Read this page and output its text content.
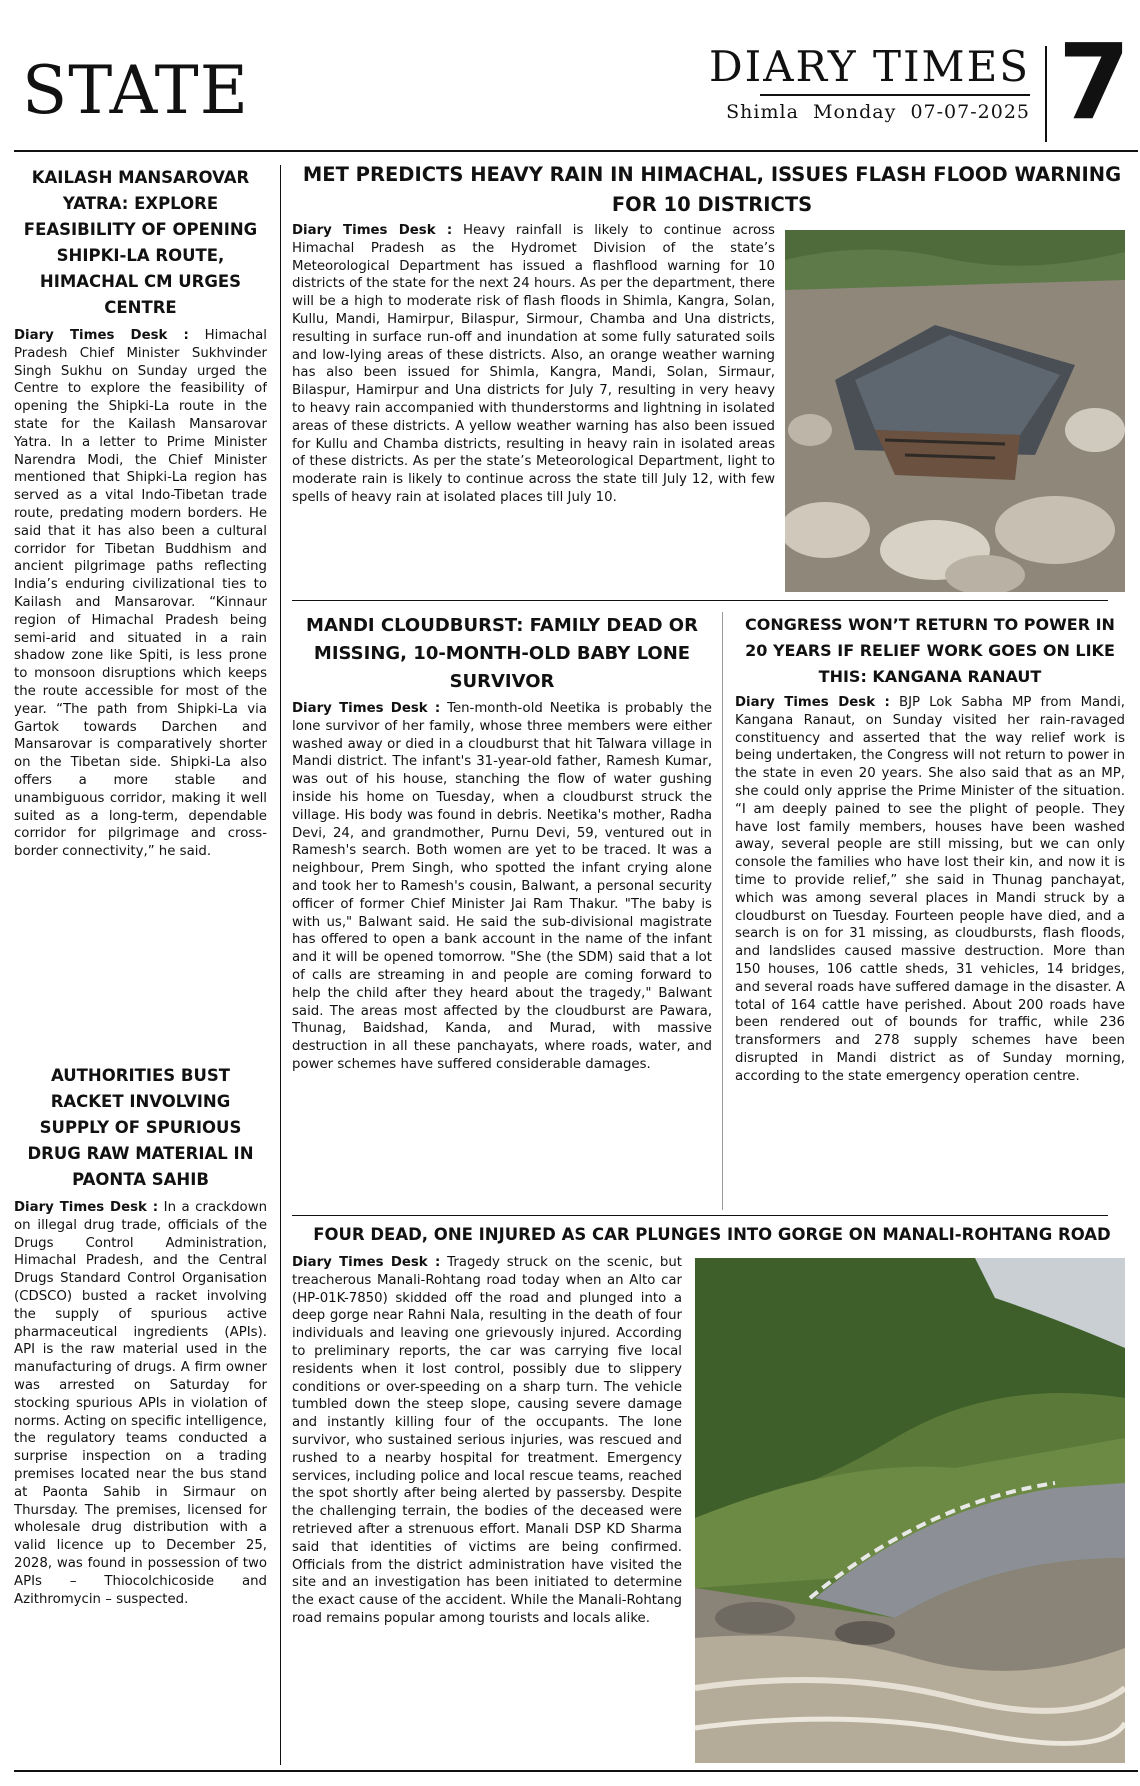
STATE	DIARY TIMES
Shimla Monday 07-07-2025 7
KAILASH MANSAROVAR YATRA: EXPLORE FEASIBILITY OF OPENING SHIPKI-LA ROUTE, HIMACHAL CM URGES CENTRE

Diary Times Desk : Himachal Pradesh Chief Minister Sukhvinder Singh Sukhu on Sunday urged the Centre to explore the feasibility of opening the Shipki-La route in the state for the Kailash Mansarovar Yatra. In a letter to Prime Minister Narendra Modi, the Chief Minister mentioned that Shipki-La region has served as a vital Indo-Tibetan trade route, predating modern borders. He said that it has also been a cultural corridor for Tibetan Buddhism and ancient pilgrimage paths reflecting India’s enduring civilizational ties to Kailash and Mansarovar. “Kinnaur region of Himachal Pradesh being semi-arid and situated in a rain shadow zone like Spiti, is less prone to monsoon disruptions which keeps the route accessible for most of the year. “The path from Shipki-La via Gartok towards Darchen and Mansarovar is comparatively shorter on the Tibetan side. Shipki-La also offers a more stable and unambiguous corridor, making it well suited as a long-term, dependable corridor for pilgrimage and cross-border connectivity,” he said.

AUTHORITIES BUST RACKET INVOLVING SUPPLY OF SPURIOUS DRUG RAW MATERIAL IN PAONTA SAHIB

Diary Times Desk : In a crackdown on illegal drug trade, officials of the Drugs Control Administration, Himachal Pradesh, and the Central Drugs Standard Control Organisation (CDSCO) busted a racket involving the supply of spurious active pharmaceutical ingredients (APIs). API is the raw material used in the manufacturing of drugs. A firm owner was arrested on Saturday for stocking spurious APIs in violation of norms. Acting on specific intelligence, the regulatory teams conducted a surprise inspection on a trading premises located near the bus stand at Paonta Sahib in Sirmaur on Thursday. The premises, licensed for wholesale drug distribution with a valid licence up to December 25, 2028, was found in possession of two APIs – Thiocolchicoside and Azithromycin – suspected.

MET PREDICTS HEAVY RAIN IN HIMACHAL, ISSUES FLASH FLOOD WARNING FOR 10 DISTRICTS

Diary Times Desk : Heavy rainfall is likely to continue across Himachal Pradesh as the Hydromet Division of the state’s Meteorological Department has issued a flashflood warning for 10 districts of the state for the next 24 hours. As per the department, there will be a high to moderate risk of flash floods in Shimla, Kangra, Solan, Kullu, Mandi, Hamirpur, Bilaspur, Sirmour, Chamba and Una districts, resulting in surface run-off and inundation at some fully saturated soils and low-lying areas of these districts. Also, an orange weather warning has also been issued for Shimla, Kangra, Mandi, Solan, Sirmaur, Bilaspur, Hamirpur and Una districts for July 7, resulting in very heavy to heavy rain accompanied with thunderstorms and lightning in isolated areas of these districts. A yellow weather warning has also been issued for Kullu and Chamba districts, resulting in heavy rain in isolated areas of these districts. As per the state’s Meteorological Department, light to moderate rain is likely to continue across the state till July 12, with few spells of heavy rain at isolated places till July 10.

MANDI CLOUDBURST: FAMILY DEAD OR MISSING, 10-MONTH-OLD BABY LONE SURVIVOR

Diary Times Desk : Ten-month-old Neetika is probably the lone survivor of her family, whose three members were either washed away or died in a cloudburst that hit Talwara village in Mandi district. The infant's 31-year-old father, Ramesh Kumar, was out of his house, stanching the flow of water gushing inside his home on Tuesday, when a cloudburst struck the village. His body was found in debris. Neetika's mother, Radha Devi, 24, and grandmother, Purnu Devi, 59, ventured out in Ramesh's search. Both women are yet to be traced. It was a neighbour, Prem Singh, who spotted the infant crying alone and took her to Ramesh's cousin, Balwant, a personal security officer of former Chief Minister Jai Ram Thakur. "The baby is with us," Balwant said. He said the sub-divisional magistrate has offered to open a bank account in the name of the infant and it will be opened tomorrow. "She (the SDM) said that a lot of calls are streaming in and people are coming forward to help the child after they heard about the tragedy," Balwant said. The areas most affected by the cloudburst are Pawara, Thunag, Baidshad, Kanda, and Murad, with massive destruction in all these panchayats, where roads, water, and power schemes have suffered considerable damages.

CONGRESS WON’T RETURN TO POWER IN 20 YEARS IF RELIEF WORK GOES ON LIKE THIS: KANGANA RANAUT

Diary Times Desk : BJP Lok Sabha MP from Mandi, Kangana Ranaut, on Sunday visited her rain-ravaged constituency and asserted that the way relief work is being undertaken, the Congress will not return to power in the state in even 20 years. She also said that as an MP, she could only apprise the Prime Minister of the situation. “I am deeply pained to see the plight of people. They have lost family members, houses have been washed away, several people are still missing, but we can only console the families who have lost their kin, and now it is time to provide relief,” she said in Thunag panchayat, which was among several places in Mandi struck by a cloudburst on Tuesday. Fourteen people have died, and a search is on for 31 missing, as cloudbursts, flash floods, and landslides caused massive destruction. More than 150 houses, 106 cattle sheds, 31 vehicles, 14 bridges, and several roads have suffered damage in the disaster. A total of 164 cattle have perished. About 200 roads have been rendered out of bounds for traffic, while 236 transformers and 278 supply schemes have been disrupted in Mandi district as of Sunday morning, according to the state emergency operation centre.

FOUR DEAD, ONE INJURED AS CAR PLUNGES INTO GORGE ON MANALI-ROHTANG ROAD

Diary Times Desk : Tragedy struck on the scenic, but treacherous Manali-Rohtang road today when an Alto car (HP-01K-7850) skidded off the road and plunged into a deep gorge near Rahni Nala, resulting in the death of four individuals and leaving one grievously injured. According to preliminary reports, the car was carrying five local residents when it lost control, possibly due to slippery conditions or over-speeding on a sharp turn. The vehicle tumbled down the steep slope, causing severe damage and instantly killing four of the occupants. The lone survivor, who sustained serious injuries, was rescued and rushed to a nearby hospital for treatment. Emergency services, including police and local rescue teams, reached the spot shortly after being alerted by passersby. Despite the challenging terrain, the bodies of the deceased were retrieved after a strenuous effort. Manali DSP KD Sharma said that identities of victims are being confirmed. Officials from the district administration have visited the site and an investigation has been initiated to determine the exact cause of the accident. While the Manali-Rohtang road remains popular among tourists and locals alike.
